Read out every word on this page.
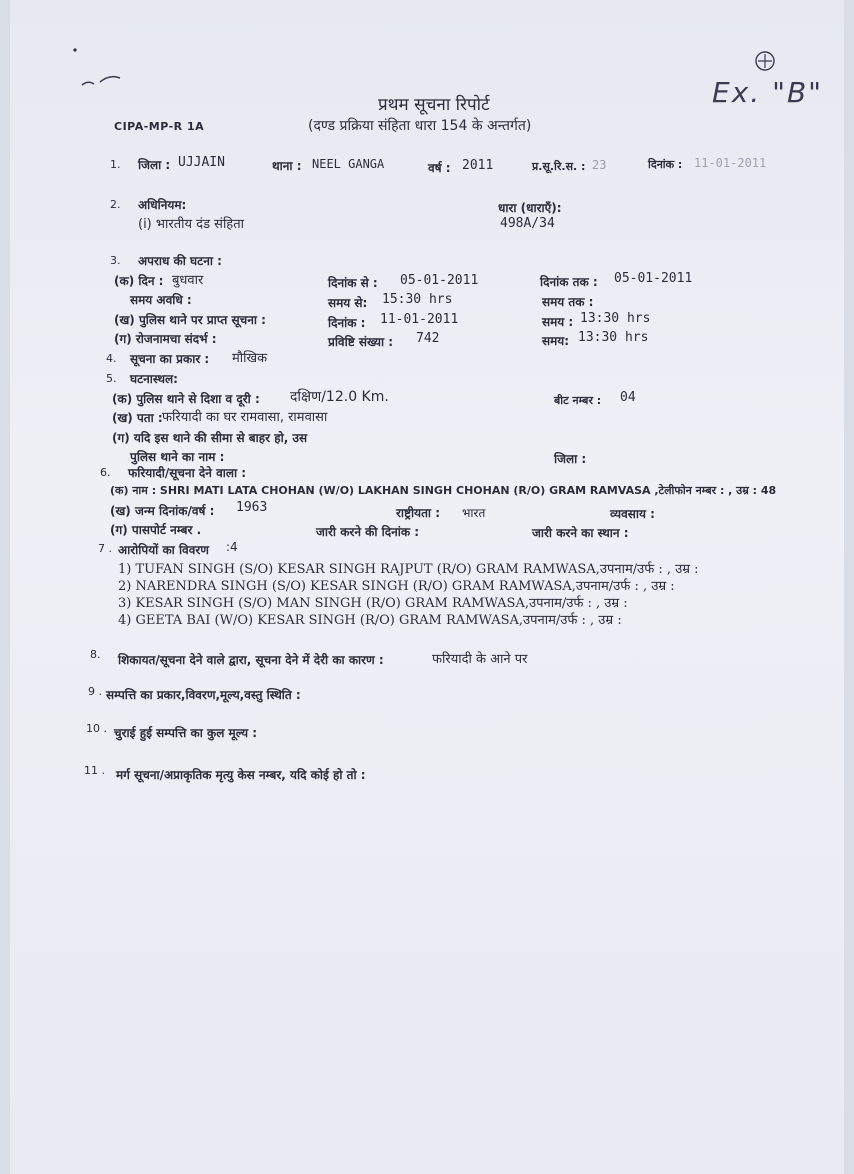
CIPA-MP-R 1A
प्रथम सूचना रिपोर्ट
(दण्ड प्रक्रिया संहिता धारा 154 के अन्तर्गत)
Ex. "B"
1. जिला : UJJAIN	थाना : NEEL GANGA	वर्ष : 2011	प्र.सू.रि.स. : 23	दिनांक : 11-01-2011
2. अधिनियम:
(i) भारतीय दंड संहिता
धारा (धाराएँ):
498A/34
3. अपराध की घटना :
(क) दिन : बुधवार	दिनांक से : 05-01-2011	दिनांक तक : 05-01-2011
समय अवधि :	समय से: 15:30 hrs	समय तक :
(ख) पुलिस थाने पर प्राप्त सूचना :	दिनांक : 11-01-2011	समय : 13:30 hrs
(ग) रोजनामचा संदर्भ :	प्रविष्टि संख्या : 742	समय: 13:30 hrs
4. सूचना का प्रकार : मौखिक
5. घटनास्थल:
(क) पुलिस थाने से दिशा व दूरी : दक्षिण/12.0 Km.	बीट नम्बर : 04
(ख) पता : फरियादी का घर रामवासा, रामवासा
(ग) यदि इस थाने की सीमा से बाहर हो, उस
पुलिस थाने का नाम :	जिला :
6. फरियादी/सूचना देने वाला :
(क) नाम : SHRI MATI LATA CHOHAN (W/O) LAKHAN SINGH CHOHAN (R/O) GRAM RAMVASA ,टेलीफोन नम्बर : , उम्र : 48
(ख) जन्म दिनांक/वर्ष : 1963	राष्ट्रीयता : भारत	व्यवसाय :
(ग) पासपोर्ट नम्बर .	जारी करने की दिनांक :	जारी करने का स्थान :
7 . आरोपियों का विवरण :4
1) TUFAN SINGH (S/O) KESAR SINGH RAJPUT (R/O) GRAM RAMWASA,उपनाम/उर्फ : , उम्र :
2) NARENDRA SINGH (S/O) KESAR SINGH (R/O) GRAM RAMWASA,उपनाम/उर्फ : , उम्र :
3) KESAR SINGH (S/O) MAN SINGH (R/O) GRAM RAMWASA,उपनाम/उर्फ : , उम्र :
4) GEETA BAI (W/O) KESAR SINGH (R/O) GRAM RAMWASA,उपनाम/उर्फ : , उम्र :
8. शिकायत/सूचना देने वाले द्वारा, सूचना देने में देरी का कारण :	फरियादी के आने पर
9 . सम्पत्ति का प्रकार,विवरण,मूल्य,वस्तु स्थिति :
10 . चुराई हुई सम्पत्ति का कुल मूल्य :
11 . मर्ग सूचना/अप्राकृतिक मृत्यु केस नम्बर, यदि कोई हो तो :
